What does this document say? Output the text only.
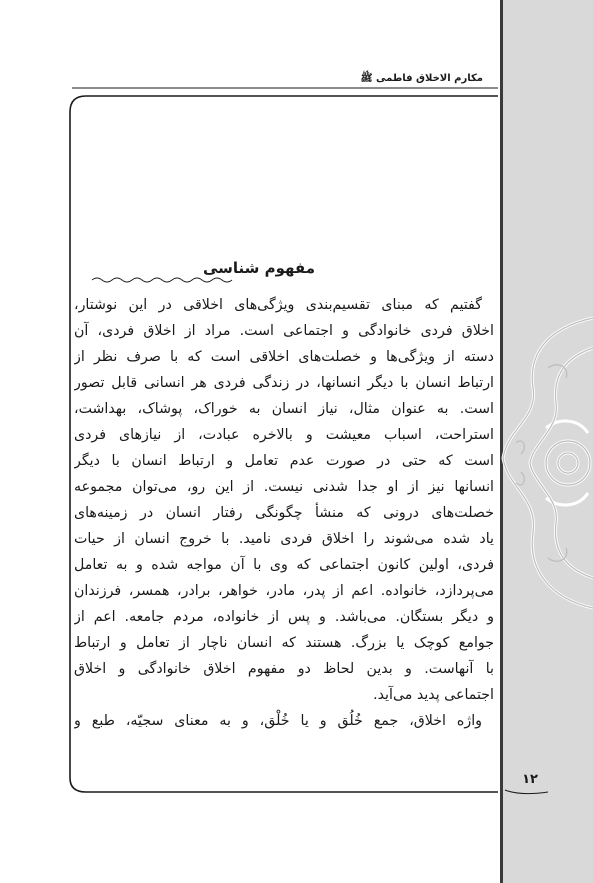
مکارم الاخلاق فاطمی ﷺ
مفهوم شناسی
گفتیم که مبنای تقسیم‌بندی ویژگی‌های اخلاقی در این نوشتار،
اخلاق فردی خانوادگی و اجتماعی است. مراد از اخلاق فردی، آن
دسته از ویژگی‌ها و خصلت‌های اخلاقی است که با صرف نظر از
ارتباط انسان با دیگر انسانها، در زندگی فردی هر انسانی قابل تصور
است. به عنوان مثال، نیاز انسان به خوراک، پوشاک، بهداشت،
استراحت، اسباب معیشت و بالاخره عبادت، از نیازهای فردی
است که حتی در صورت عدم تعامل و ارتباط انسان با دیگر
انسانها نیز از او جدا شدنی نیست. از این رو، می‌توان مجموعه
خصلت‌های درونی که منشأ چگونگی رفتار انسان در زمینه‌های
یاد شده می‌شوند را اخلاق فردی نامید. با خروج انسان از حیات
فردی، اولین کانون اجتماعی که وی با آن مواجه شده و به تعامل
می‌پردازد، خانواده. اعم از پدر، مادر، خواهر، برادر، همسر، فرزندان
و دیگر بستگان. می‌باشد. و پس از خانواده، مردم جامعه. اعم از
جوامع کوچک یا بزرگ. هستند که انسان ناچار از تعامل و ارتباط
با آنهاست. و بدین لحاظ دو مفهوم اخلاق خانوادگی و اخلاق
اجتماعی پدید می‌آید.
واژه اخلاق، جمع خُلُق و یا خُلْق، و به معنای سجیّه، طبع و
۱۲
